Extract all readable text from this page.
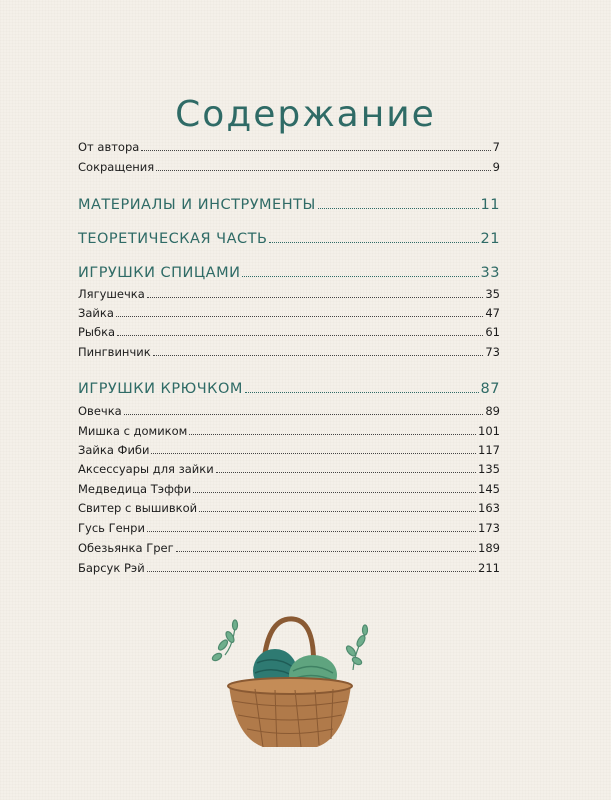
Содержание
От автора	7
Сокращения	9
МАТЕРИАЛЫ И ИНСТРУМЕНТЫ	11
ТЕОРЕТИЧЕСКАЯ ЧАСТЬ	21
ИГРУШКИ СПИЦАМИ	33
Лягушечка	35
Зайка	47
Рыбка	61
Пингвинчик	73
ИГРУШКИ КРЮЧКОМ	87
Овечка	89
Мишка с домиком	101
Зайка Фиби	117
Аксессуары для зайки	135
Медведица Тэффи	145
Свитер с вышивкой	163
Гусь Генри	173
Обезьянка Грег	189
Барсук Рэй	211
